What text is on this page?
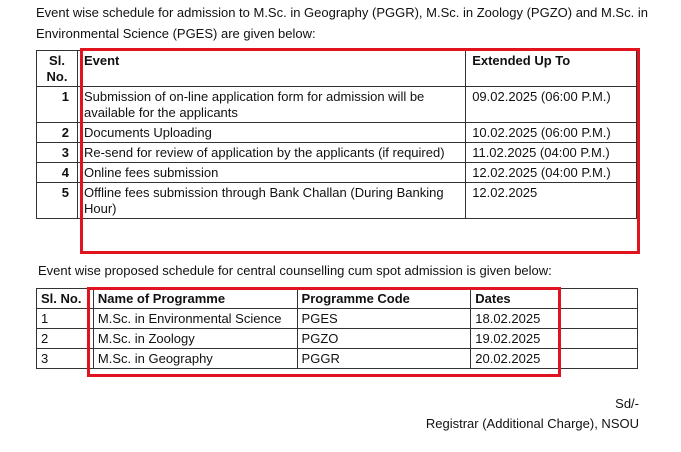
Event wise schedule for admission to M.Sc. in Geography (PGGR), M.Sc. in Zoology (PGZO) and M.Sc. in Environmental Science (PGES) are given below:
Sl. No.	Event	Extended Up To
1	Submission of on-line application form for admission will be available for the applicants	09.02.2025 (06:00 P.M.)
2	Documents Uploading	10.02.2025 (06:00 P.M.)
3	Re-send for review of application by the applicants (if required)	11.02.2025 (04:00 P.M.)
4	Online fees submission	12.02.2025 (04:00 P.M.)
5	Offline fees submission through Bank Challan (During Banking Hour)	12.02.2025
Event wise proposed schedule for central counselling cum spot admission is given below:
Sl. No.	Name of Programme	Programme Code	Dates
1	M.Sc. in Environmental Science	PGES	18.02.2025
2	M.Sc. in Zoology	PGZO	19.02.2025
3	M.Sc. in Geography	PGGR	20.02.2025
Sd/-
Registrar (Additional Charge), NSOU
